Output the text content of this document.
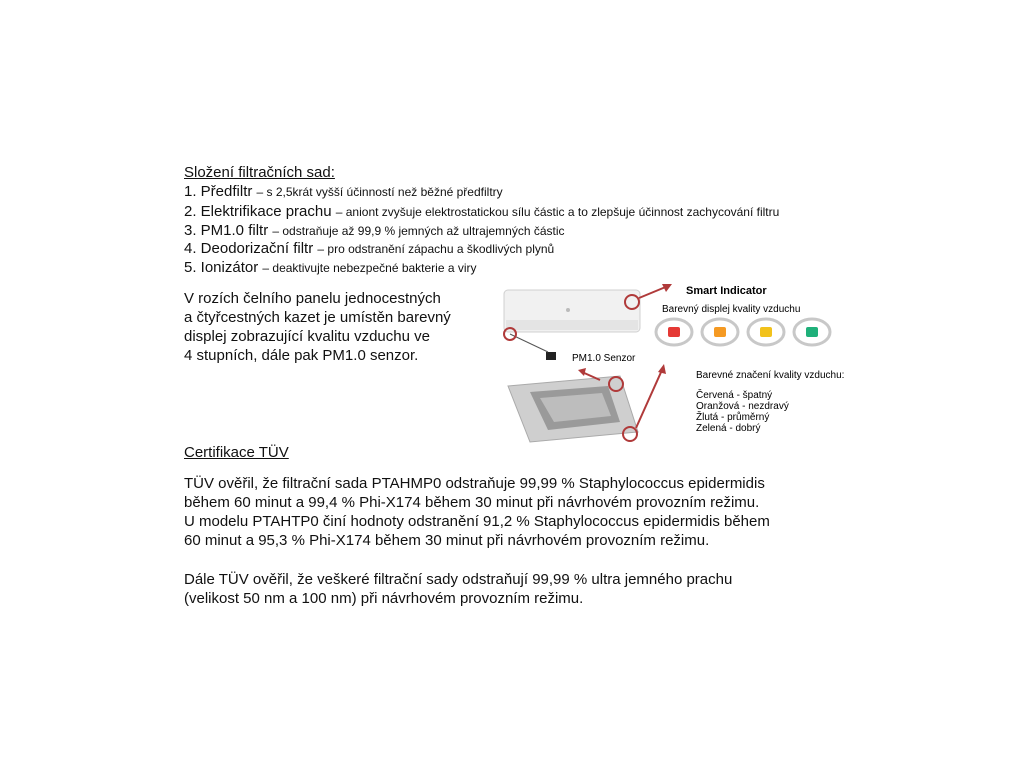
Složení filtračních sad:
1. Předfiltr – s 2,5krát vyšší účinností než běžné předfiltry
2. Elektrifikace prachu – aniont zvyšuje elektrostatickou sílu částic a to zlepšuje účinnost zachycování filtru
3. PM1.0 filtr – odstraňuje až 99,9 % jemných až ultrajemných částic
4. Deodorizační filtr – pro odstranění zápachu a škodlivých plynů
5. Ionizátor – deaktivujte nebezpečné bakterie a viry
V rozích čelního panelu jednocestných
a čtyřcestných kazet je umístěn barevný
displej zobrazující kvalitu vzduchu ve
4 stupních, dále pak PM1.0 senzor.	PM1.0 Senzor
Smart Indicator
Barevný displej kvality vzduchu
Barevné značení kvality vzduchu:
Červená - špatný
Oranžová - nezdravý
Žlutá - průměrný
Zelená - dobrý
Certifikace TÜV
TÜV ověřil, že filtrační sada PTAHMP0 odstraňuje 99,99 % Staphylococcus epidermidis
během 60 minut a 99,4 % Phi-X174 během 30 minut při návrhovém provozním režimu.
U modelu PTAHTP0 činí hodnoty odstranění 91,2 % Staphylococcus epidermidis během
60 minut a 95,3 % Phi-X174 během 30 minut při návrhovém provozním režimu.
Dále TÜV ověřil, že veškeré filtrační sady odstraňují 99,99 % ultra jemného prachu
(velikost 50 nm a 100 nm) při návrhovém provozním režimu.
